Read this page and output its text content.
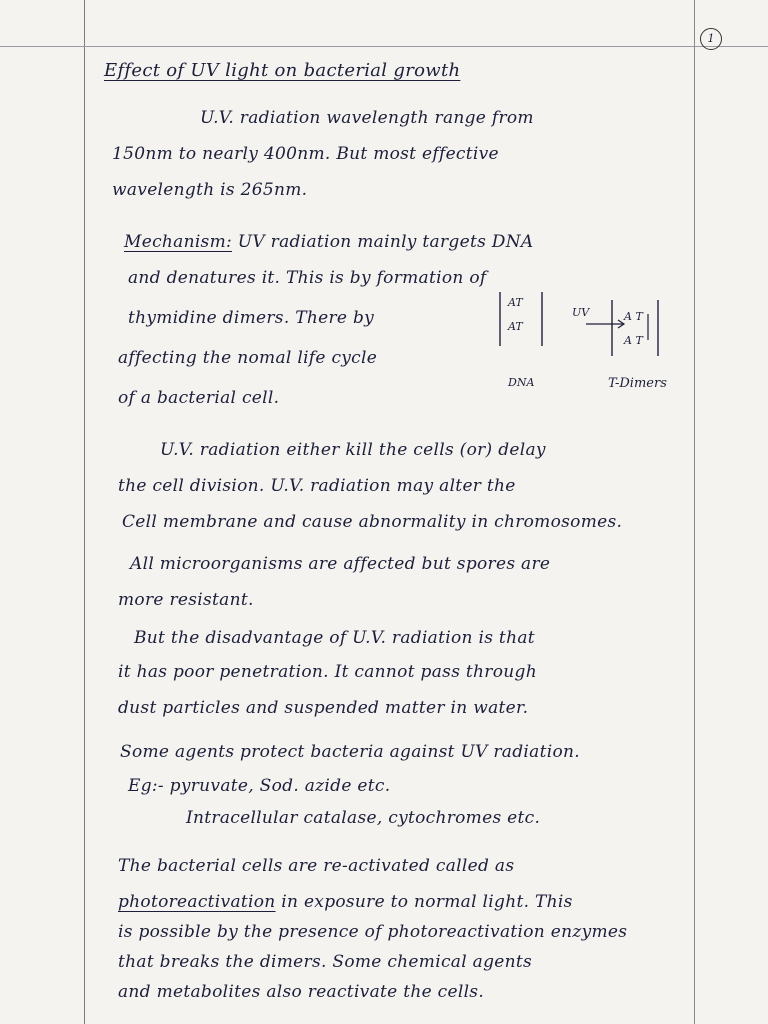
1
Effect of UV light on bacterial growth
U.V. radiation wavelength range from
150nm to nearly 400nm. But most effective
wavelength is 265nm.
Mechanism: UV radiation mainly targets DNA
and denatures it. This is by formation of
thymidine dimers. There by
affecting the nomal life cycle
of a bacterial cell.
AT
AT
UV	A T
A T
DNA	T-Dimers
U.V. radiation either kill the cells (or) delay
the cell division. U.V. radiation may alter the
Cell membrane and cause abnormality in chromosomes.
All microorganisms are affected but spores are
more resistant.
But the disadvantage of U.V. radiation is that
it has poor penetration. It cannot pass through
dust particles and suspended matter in water.
Some agents protect bacteria against UV radiation.
Eg:- pyruvate, Sod. azide etc.
Intracellular catalase, cytochromes etc.
The bacterial cells are re-activated called as
photoreactivation in exposure to normal light. This
is possible by the presence of photoreactivation enzymes
that breaks the dimers. Some chemical agents
and metabolites also reactivate the cells.
